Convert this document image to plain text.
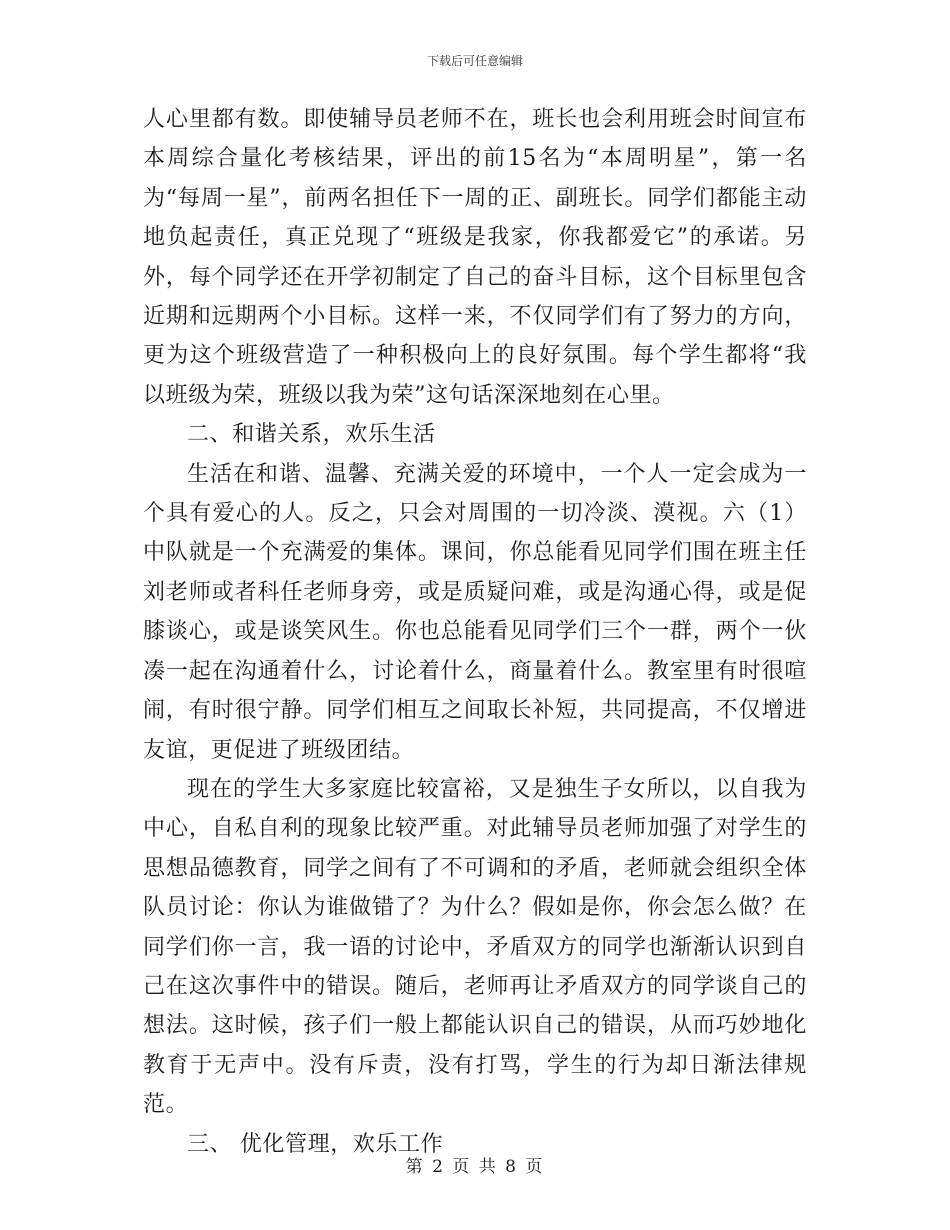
下载后可任意编辑

人心里都有数。即使辅导员老师不在，班长也会利用班会时间宣布本周综合量化考核结果，评出的前15名为“本周明星”，第一名为“每周一星”，前两名担任下一周的正、副班长。同学们都能主动地负起责任，真正兑现了“班级是我家，你我都爱它”的承诺。另外，每个同学还在开学初制定了自己的奋斗目标，这个目标里包含近期和远期两个小目标。这样一来，不仅同学们有了努力的方向，更为这个班级营造了一种积极向上的良好氛围。每个学生都将“我以班级为荣，班级以我为荣”这句话深深地刻在心里。

二、和谐关系，欢乐生活

生活在和谐、温馨、充满关爱的环境中，一个人一定会成为一个具有爱心的人。反之，只会对周围的一切冷淡、漠视。六（1）中队就是一个充满爱的集体。课间，你总能看见同学们围在班主任刘老师或者科任老师身旁，或是质疑问难，或是沟通心得，或是促膝谈心，或是谈笑风生。你也总能看见同学们三个一群，两个一伙凑一起在沟通着什么，讨论着什么，商量着什么。教室里有时很喧闹，有时很宁静。同学们相互之间取长补短，共同提高，不仅增进友谊，更促进了班级团结。

现在的学生大多家庭比较富裕，又是独生子女所以，以自我为中心，自私自利的现象比较严重。对此辅导员老师加强了对学生的思想品德教育，同学之间有了不可调和的矛盾，老师就会组织全体队员讨论：你认为谁做错了？为什么？假如是你，你会怎么做？在同学们你一言，我一语的讨论中，矛盾双方的同学也渐渐认识到自己在这次事件中的错误。随后，老师再让矛盾双方的同学谈自己的想法。这时候，孩子们一般上都能认识自己的错误，从而巧妙地化教育于无声中。没有斥责，没有打骂，学生的行为却日渐法律规范。

三、 优化管理，欢乐工作

第 2 页 共 8 页
